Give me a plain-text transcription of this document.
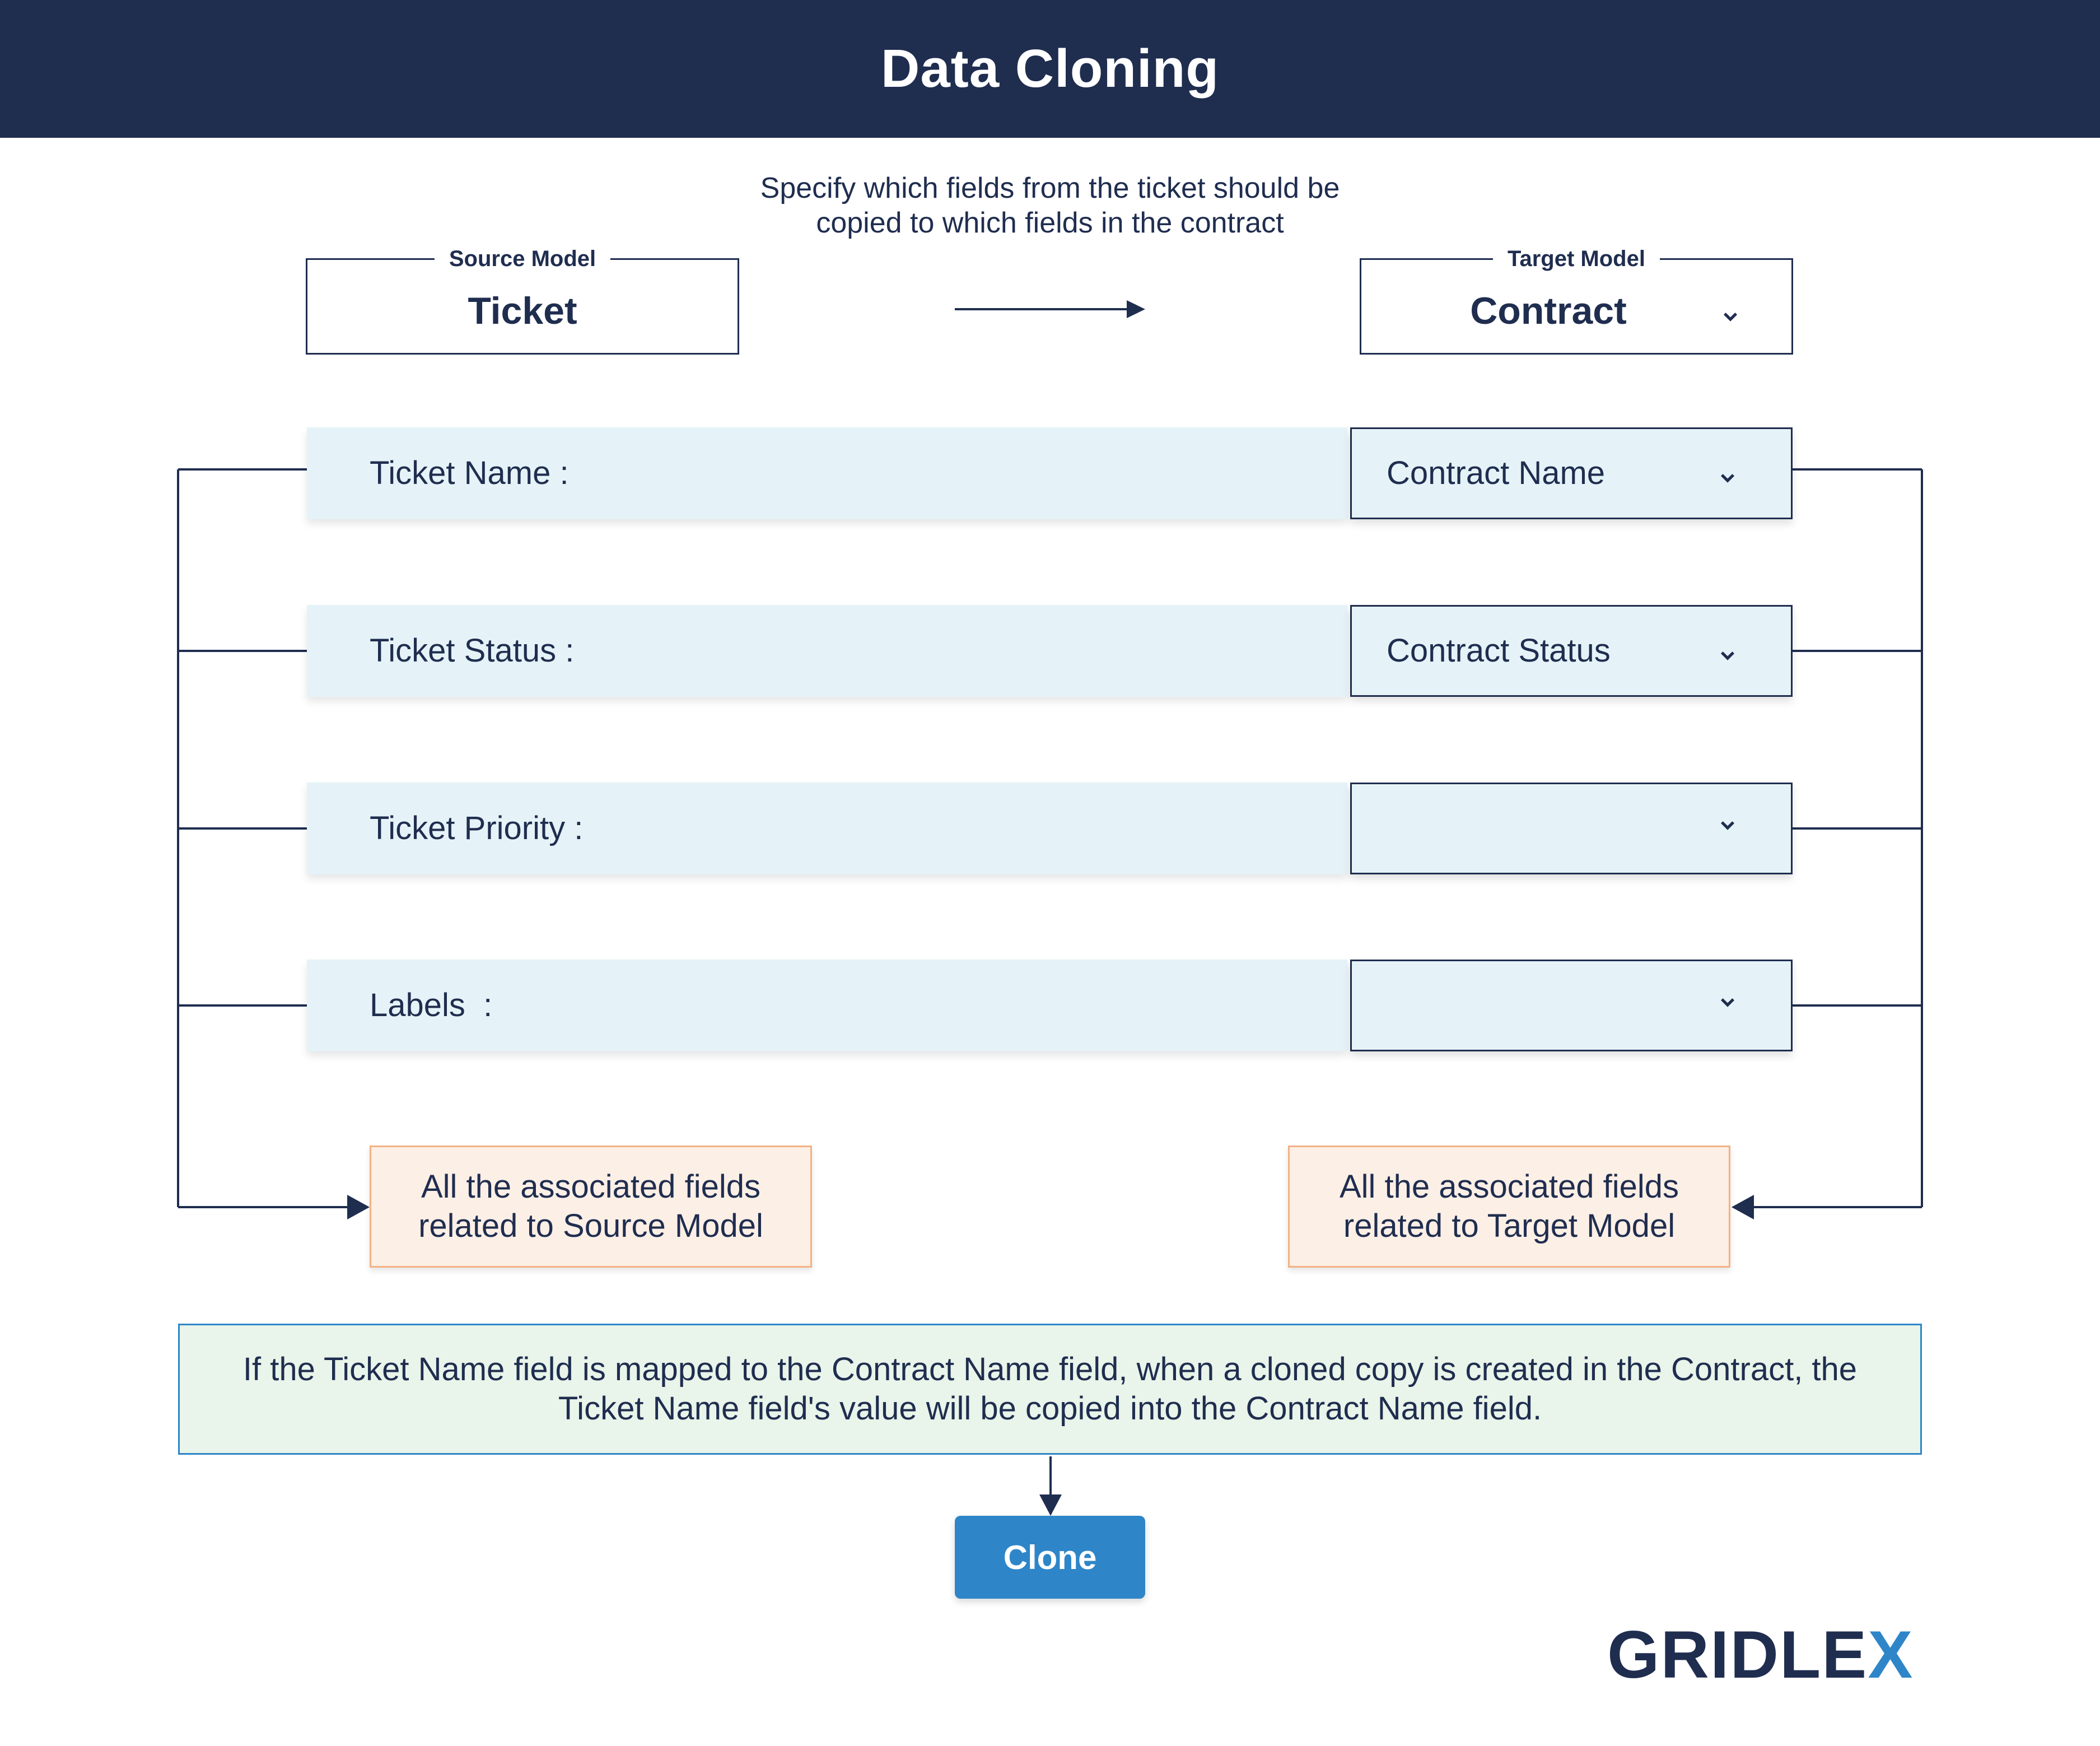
Data Cloning
Specify which fields from the ticket should be copied to which fields in the contract
Source Model
Ticket
Target Model
Contract
Ticket Name :	Contract Name
Ticket Status :	Contract Status
Ticket Priority :
Labels  :
All the associated fields related to Source Model
All the associated fields related to Target Model
If the Ticket Name field is mapped to the Contract Name field, when a cloned copy is created in the Contract, the Ticket Name field's value will be copied into the Contract Name field.
Clone
GRIDLEX
